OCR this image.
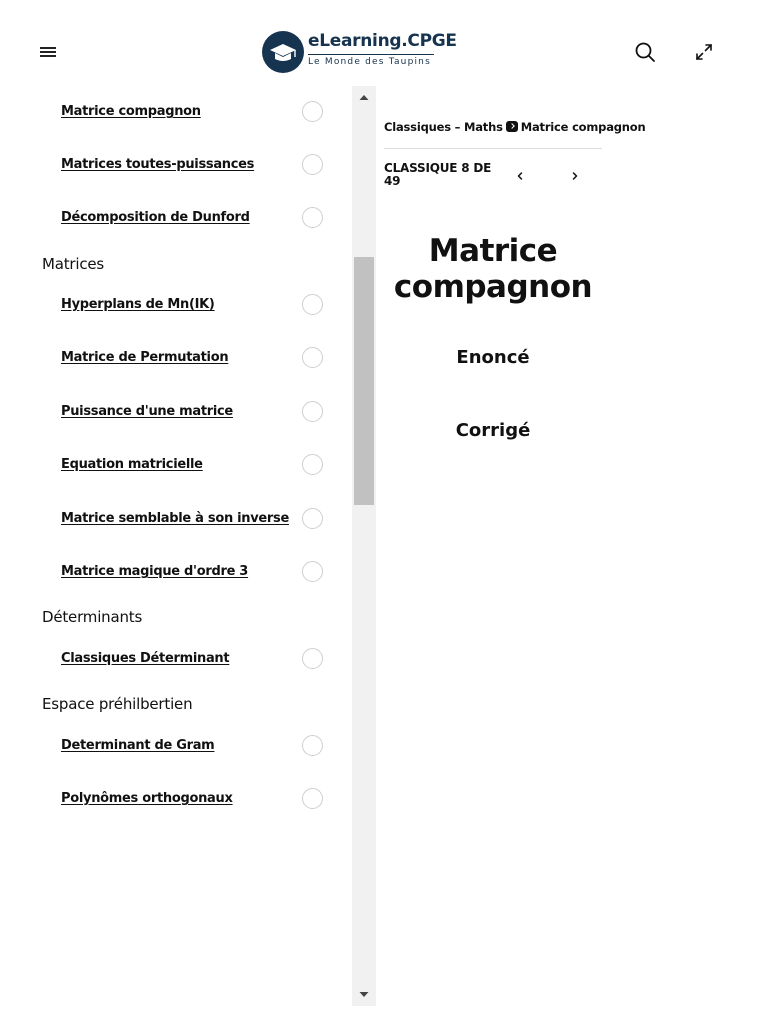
eLearning.CPGE
Le Monde des Taupins
Matrice compagnon
Matrices toutes-puissances
Décomposition de Dunford
Matrices
Hyperplans de Mn(IK)
Matrice de Permutation
Puissance d'une matrice
Equation matricielle
Matrice semblable à son inverse
Matrice magique d'ordre 3
Déterminants
Classiques Déterminant
Espace préhilbertien
Determinant de Gram
Polynômes orthogonaux
Classiques – Maths Matrice compagnon
CLASSIQUE 8 DE 49
Matrice compagnon
Enoncé
Corrigé
